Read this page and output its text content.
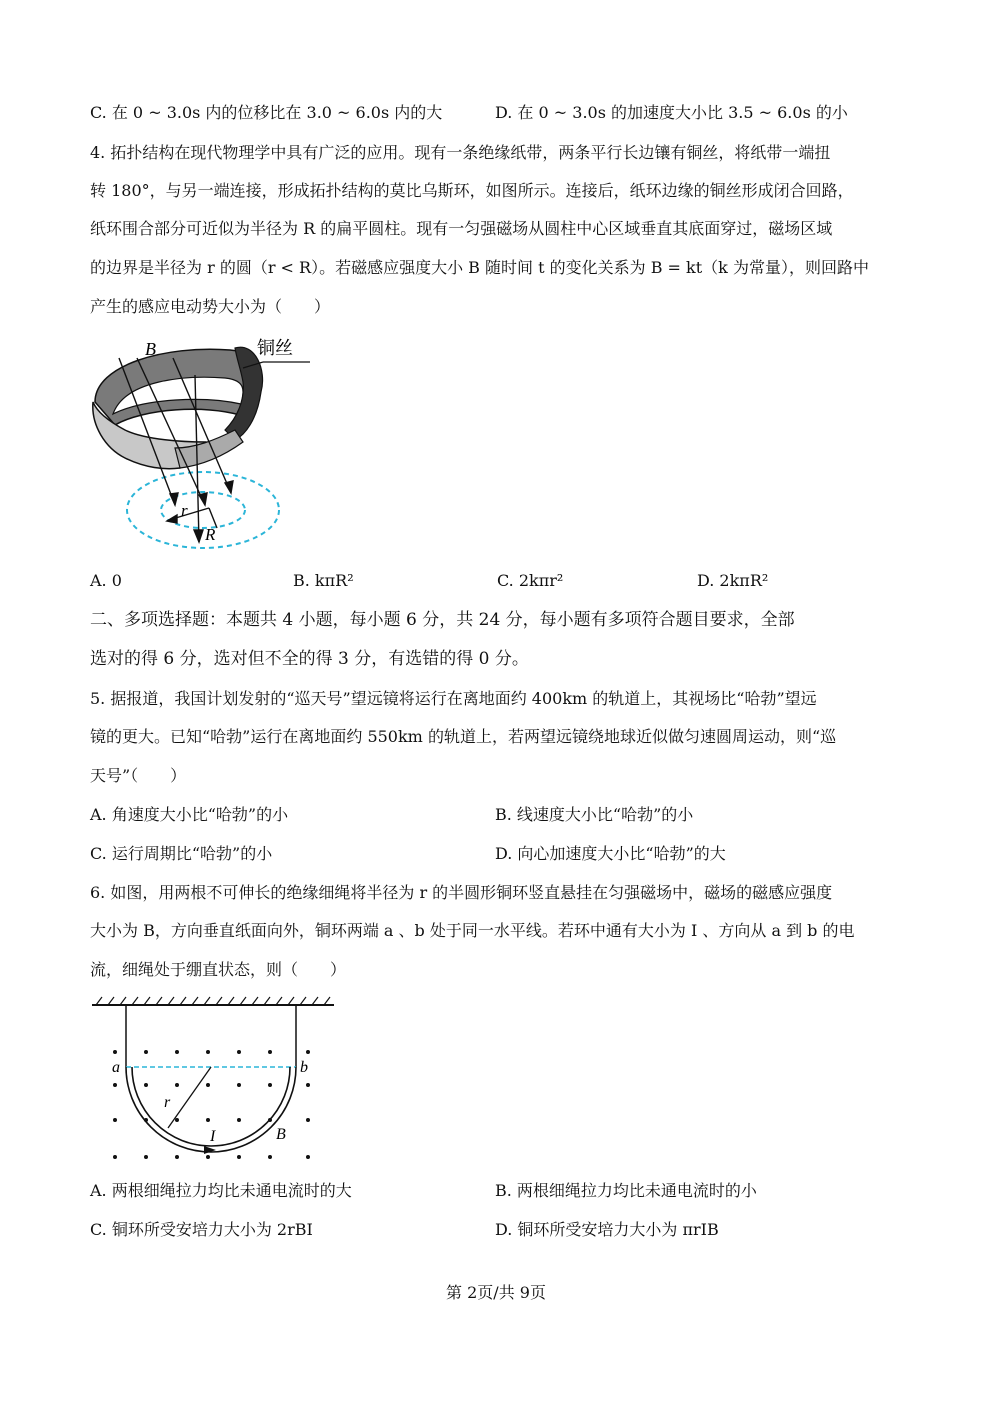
C. 在 0 ~ 3.0s 内的位移比在 3.0 ~ 6.0s 内的大	D. 在 0 ~ 3.0s 的加速度大小比 3.5 ~ 6.0s 的小
4. 拓扑结构在现代物理学中具有广泛的应用。现有一条绝缘纸带，两条平行长边镶有铜丝，将纸带一端扭
转 180°，与另一端连接，形成拓扑结构的莫比乌斯环，如图所示。连接后，纸环边缘的铜丝形成闭合回路，
纸环围合部分可近似为半径为 R 的扁平圆柱。现有一匀强磁场从圆柱中心区域垂直其底面穿过，磁场区域
的边界是半径为 r 的圆（r < R）。若磁感应强度大小 B 随时间 t 的变化关系为 B = kt（k 为常量），则回路中
产生的感应电动势大小为（　　）
B	铜丝
r
R
A. 0	B. kπR²	C. 2kπr²	D. 2kπR²
二、多项选择题：本题共 4 小题，每小题 6 分，共 24 分，每小题有多项符合题目要求，全部
选对的得 6 分，选对但不全的得 3 分，有选错的得 0 分。
5. 据报道，我国计划发射的“巡天号”望远镜将运行在离地面约 400km 的轨道上，其视场比“哈勃”望远
镜的更大。已知“哈勃”运行在离地面约 550km 的轨道上，若两望远镜绕地球近似做匀速圆周运动，则“巡
天号”（　　）
A. 角速度大小比“哈勃”的小	B. 线速度大小比“哈勃”的小
C. 运行周期比“哈勃”的小	D. 向心加速度大小比“哈勃”的大
6. 如图，用两根不可伸长的绝缘细绳将半径为 r 的半圆形铜环竖直悬挂在匀强磁场中，磁场的磁感应强度
大小为 B，方向垂直纸面向外，铜环两端 a 、b 处于同一水平线。若环中通有大小为 I 、方向从 a 到 b 的电
流，细绳处于绷直状态，则（　　）
a	b
r
I	B
A. 两根细绳拉力均比未通电流时的大	B. 两根细绳拉力均比未通电流时的小
C. 铜环所受安培力大小为 2rBI	D. 铜环所受安培力大小为 πrIB
第 2页/共 9页
